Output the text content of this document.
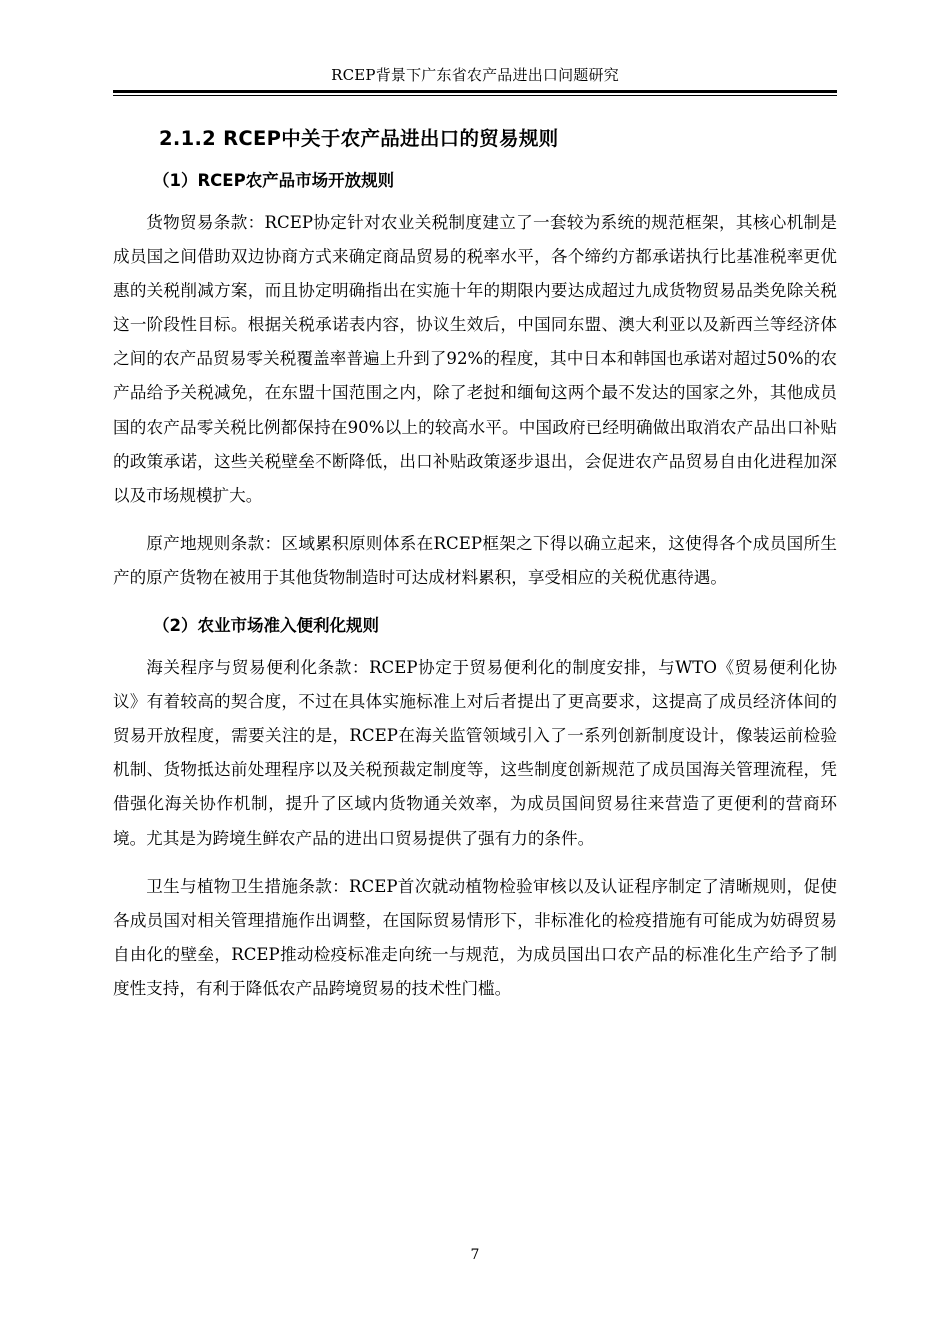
RCEP背景下广东省农产品进出口问题研究
2.1.2 RCEP中关于农产品进出口的贸易规则
（1）RCEP农产品市场开放规则

货物贸易条款：RCEP协定针对农业关税制度建立了一套较为系统的规范框架，其核心机制是成员国之间借助双边协商方式来确定商品贸易的税率水平，各个缔约方都承诺执行比基准税率更优惠的关税削减方案，而且协定明确指出在实施十年的期限内要达成超过九成货物贸易品类免除关税这一阶段性目标。根据关税承诺表内容，协议生效后，中国同东盟、澳大利亚以及新西兰等经济体之间的农产品贸易零关税覆盖率普遍上升到了92%的程度，其中日本和韩国也承诺对超过50%的农产品给予关税减免，在东盟十国范围之内，除了老挝和缅甸这两个最不发达的国家之外，其他成员国的农产品零关税比例都保持在90%以上的较高水平。中国政府已经明确做出取消农产品出口补贴的政策承诺，这些关税壁垒不断降低，出口补贴政策逐步退出，会促进农产品贸易自由化进程加深以及市场规模扩大。

原产地规则条款：区域累积原则体系在RCEP框架之下得以确立起来，这使得各个成员国所生产的原产货物在被用于其他货物制造时可达成材料累积，享受相应的关税优惠待遇。

（2）农业市场准入便利化规则

海关程序与贸易便利化条款：RCEP协定于贸易便利化的制度安排，与WTO《贸易便利化协议》有着较高的契合度，不过在具体实施标准上对后者提出了更高要求，这提高了成员经济体间的贸易开放程度，需要关注的是，RCEP在海关监管领域引入了一系列创新制度设计，像装运前检验机制、货物抵达前处理程序以及关税预裁定制度等，这些制度创新规范了成员国海关管理流程，凭借强化海关协作机制，提升了区域内货物通关效率，为成员国间贸易往来营造了更便利的营商环境。尤其是为跨境生鲜农产品的进出口贸易提供了强有力的条件。

卫生与植物卫生措施条款：RCEP首次就动植物检验审核以及认证程序制定了清晰规则，促使各成员国对相关管理措施作出调整，在国际贸易情形下，非标准化的检疫措施有可能成为妨碍贸易自由化的壁垒，RCEP推动检疫标准走向统一与规范，为成员国出口农产品的标准化生产给予了制度性支持，有利于降低农产品跨境贸易的技术性门槛。

7
